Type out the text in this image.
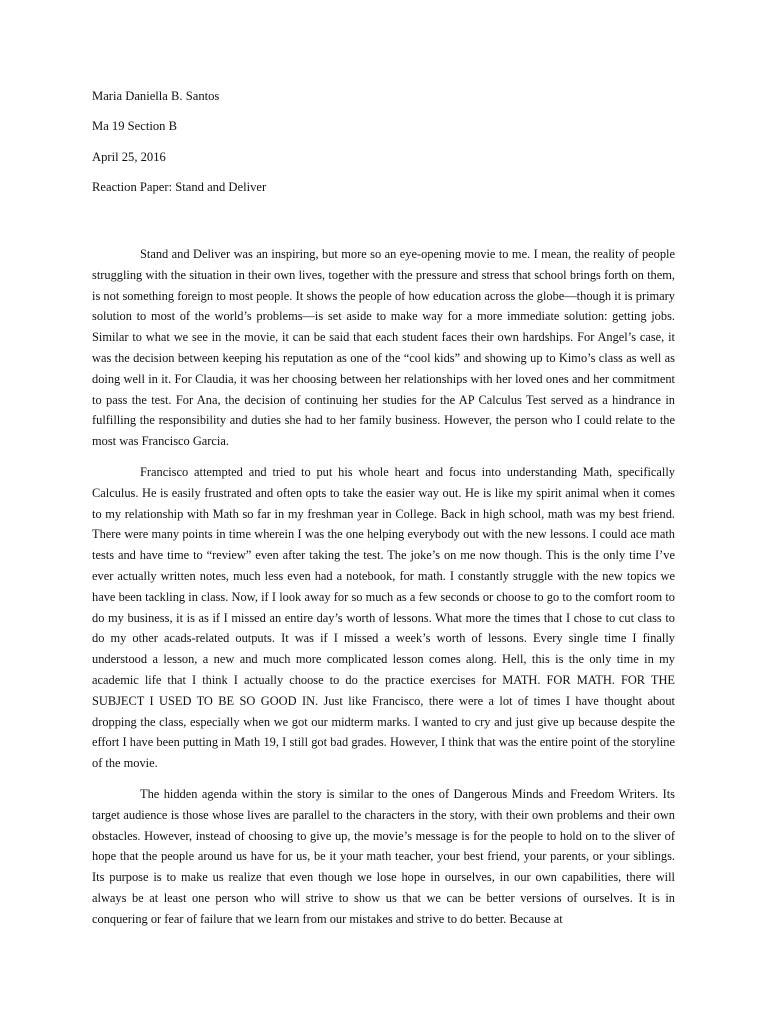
Maria Daniella B. Santos
Ma 19 Section B
April 25, 2016
Reaction Paper: Stand and Deliver

Stand and Deliver was an inspiring, but more so an eye-opening movie to me. I mean, the reality of people struggling with the situation in their own lives, together with the pressure and stress that school brings forth on them, is not something foreign to most people. It shows the people of how education across the globe—though it is primary solution to most of the world’s problems—is set aside to make way for a more immediate solution: getting jobs. Similar to what we see in the movie, it can be said that each student faces their own hardships. For Angel’s case, it was the decision between keeping his reputation as one of the “cool kids” and showing up to Kimo’s class as well as doing well in it. For Claudia, it was her choosing between her relationships with her loved ones and her commitment to pass the test. For Ana, the decision of continuing her studies for the AP Calculus Test served as a hindrance in fulfilling the responsibility and duties she had to her family business. However, the person who I could relate to the most was Francisco Garcia.

Francisco attempted and tried to put his whole heart and focus into understanding Math, specifically Calculus. He is easily frustrated and often opts to take the easier way out. He is like my spirit animal when it comes to my relationship with Math so far in my freshman year in College. Back in high school, math was my best friend. There were many points in time wherein I was the one helping everybody out with the new lessons. I could ace math tests and have time to “review” even after taking the test. The joke’s on me now though. This is the only time I’ve ever actually written notes, much less even had a notebook, for math. I constantly struggle with the new topics we have been tackling in class. Now, if I look away for so much as a few seconds or choose to go to the comfort room to do my business, it is as if I missed an entire day’s worth of lessons. What more the times that I chose to cut class to do my other acads-related outputs. It was if I missed a week’s worth of lessons. Every single time I finally understood a lesson, a new and much more complicated lesson comes along. Hell, this is the only time in my academic life that I think I actually choose to do the practice exercises for MATH. FOR MATH. FOR THE SUBJECT I USED TO BE SO GOOD IN. Just like Francisco, there were a lot of times I have thought about dropping the class, especially when we got our midterm marks. I wanted to cry and just give up because despite the effort I have been putting in Math 19, I still got bad grades. However, I think that was the entire point of the storyline of the movie.

The hidden agenda within the story is similar to the ones of Dangerous Minds and Freedom Writers. Its target audience is those whose lives are parallel to the characters in the story, with their own problems and their own obstacles. However, instead of choosing to give up, the movie’s message is for the people to hold on to the sliver of hope that the people around us have for us, be it your math teacher, your best friend, your parents, or your siblings. Its purpose is to make us realize that even though we lose hope in ourselves, in our own capabilities, there will always be at least one person who will strive to show us that we can be better versions of ourselves. It is in conquering or fear of failure that we learn from our mistakes and strive to do better. Because at
